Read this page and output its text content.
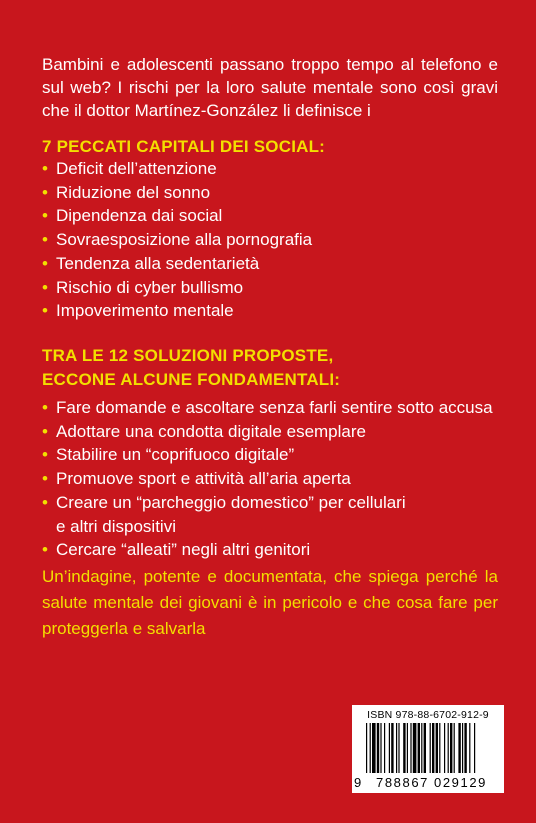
Bambini e adolescenti passano troppo tempo al telefono e sul web? I rischi per la loro salute mentale sono così gravi che il dottor Martínez-González li definisce i
7 PECCATI CAPITALI DEI SOCIAL:
• Deficit dell’attenzione
• Riduzione del sonno
• Dipendenza dai social
• Sovraesposizione alla pornografia
• Tendenza alla sedentarietà
• Rischio di cyber bullismo
• Impoverimento mentale
TRA LE 12 SOLUZIONI PROPOSTE,
ECCONE ALCUNE FONDAMENTALI:
• Fare domande e ascoltare senza farli sentire sotto accusa
• Adottare una condotta digitale esemplare
• Stabilire un “coprifuoco digitale”
• Promuove sport e attività all’aria aperta
• Creare un “parcheggio domestico” per cellulari
e altri dispositivi
• Cercare “alleati” negli altri genitori
Un’indagine, potente e documentata, che spiega perché la salute mentale dei giovani è in pericolo e che cosa fare per proteggerla e salvarla
ISBN 978-88-6702-912-9
9 788867 029129
